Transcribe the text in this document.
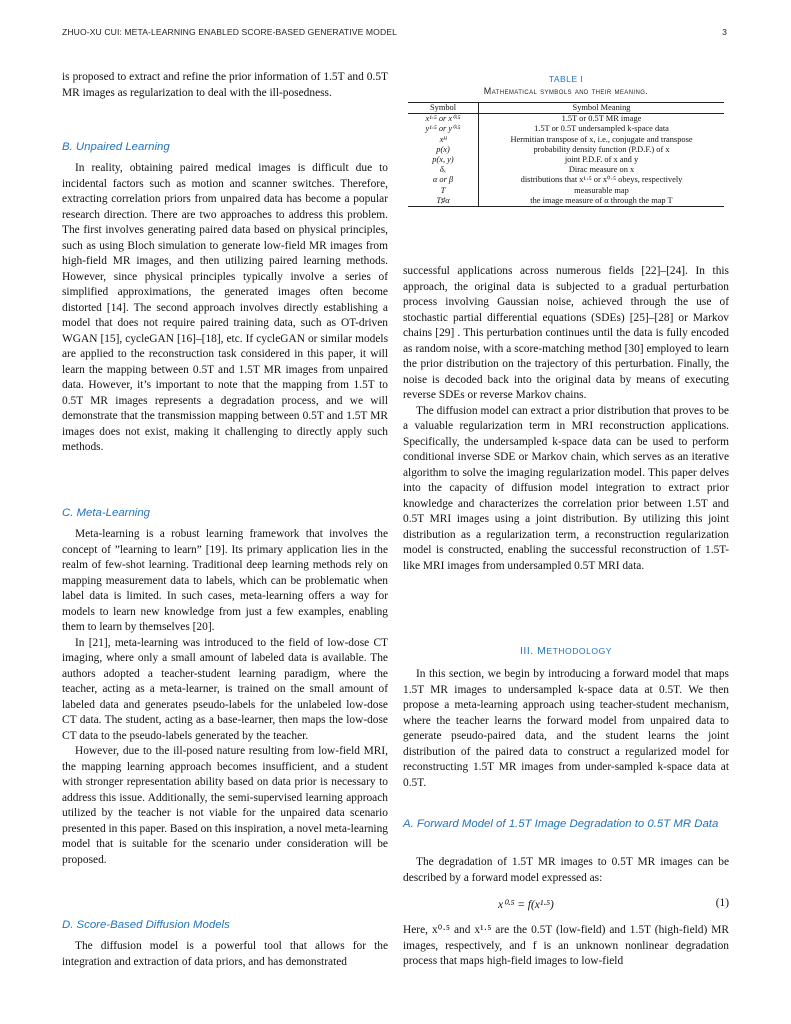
ZHUO-XU CUI: META-LEARNING ENABLED SCORE-BASED GENERATIVE MODEL	3

is proposed to extract and refine the prior information of 1.5T and 0.5T MR images as regularization to deal with the ill-posedness.

B. Unpaired Learning

In reality, obtaining paired medical images is difficult due to incidental factors such as motion and scanner switches. Therefore, extracting correlation priors from unpaired data has become a popular research direction. There are two approaches to address this problem. The first involves generating paired data based on physical principles, such as using Bloch simulation to generate low-field MR images from high-field MR images, and then utilizing paired learning methods. However, since physical principles typically involve a series of simplified approximations, the generated images often become distorted [14]. The second approach involves directly establishing a model that does not require paired training data, such as OT-driven WGAN [15], cycleGAN [16]–[18], etc. If cycleGAN or similar models are applied to the reconstruction task considered in this paper, it will learn the mapping between 0.5T and 1.5T MR images from unpaired data. However, it’s important to note that the mapping from 1.5T to 0.5T MR images represents a degradation process, and we will demonstrate that the transmission mapping between 0.5T and 1.5T MR images does not exist, making it challenging to directly apply such methods.

C. Meta-Learning

Meta-learning is a robust learning framework that involves the concept of ”learning to learn” [19]. Its primary application lies in the realm of few-shot learning. Traditional deep learning methods rely on mapping measurement data to labels, which can be problematic when label data is limited. In such cases, meta-learning offers a way for models to learn new knowledge from just a few examples, enabling them to learn by themselves [20].

In [21], meta-learning was introduced to the field of low-dose CT imaging, where only a small amount of labeled data is available. The authors adopted a teacher-student learning paradigm, where the teacher, acting as a meta-learner, is trained on the small amount of labeled data and generates pseudo-labels for the unlabeled low-dose CT data. The student, acting as a base-learner, then maps the low-dose CT data to the pseudo-labels generated by the teacher.

However, due to the ill-posed nature resulting from low-field MRI, the mapping learning approach becomes insufficient, and a student with stronger representation ability based on data prior is necessary to address this issue. Additionally, the semi-supervised learning approach utilized by the teacher is not viable for the unpaired data scenario presented in this paper. Based on this inspiration, a novel meta-learning model that is suitable for the scenario under consideration will be proposed.

D. Score-Based Diffusion Models

The diffusion model is a powerful tool that allows for the integration and extraction of data priors, and has demonstrated

TABLE I
Mathematical symbols and their meaning.
Symbol	Symbol Meaning
x¹·⁵ or x⁰·⁵	1.5T or 0.5T MR image
y¹·⁵ or y⁰·⁵	1.5T or 0.5T undersampled k-space data
xᴴ	Hermitian transpose of x, i.e., conjugate and transpose
p(x)	probability density function (P.D.F.) of x
p(x, y)	joint P.D.F. of x and y
δₓ	Dirac measure on x
α or β	distributions that x¹·⁵ or x⁰·⁵ obeys, respectively
T	measurable map
T♯α	the image measure of α through the map T

successful applications across numerous fields [22]–[24]. In this approach, the original data is subjected to a gradual perturbation process involving Gaussian noise, achieved through the use of stochastic partial differential equations (SDEs) [25]–[28] or Markov chains [29] . This perturbation continues until the data is fully encoded as random noise, with a score-matching method [30] employed to learn the prior distribution on the trajectory of this perturbation. Finally, the noise is decoded back into the original data by means of executing reverse SDEs or reverse Markov chains.

The diffusion model can extract a prior distribution that proves to be a valuable regularization term in MRI reconstruction applications. Specifically, the undersampled k-space data can be used to perform conditional inverse SDE or Markov chain, which serves as an iterative algorithm to solve the imaging regularization model. This paper delves into the capacity of diffusion model integration to extract prior knowledge and characterizes the correlation prior between 1.5T and 0.5T MRI images using a joint distribution. By utilizing this joint distribution as a regularization term, a reconstruction regularization model is constructed, enabling the successful reconstruction of 1.5T-like MRI images from undersampled 0.5T MRI data.

III. METHODOLOGY

In this section, we begin by introducing a forward model that maps 1.5T MR images to undersampled k-space data at 0.5T. We then propose a meta-learning approach using teacher-student mechanism, where the teacher learns the forward model from unpaired data to generate pseudo-paired data, and the student learns the joint distribution of the paired data to construct a regularized model for reconstructing 1.5T MR images from under-sampled k-space data at 0.5T.

A. Forward Model of 1.5T Image Degradation to 0.5T MR Data

The degradation of 1.5T MR images to 0.5T MR images can be described by a forward model expressed as:

x⁰·⁵ = f(x¹·⁵)	(1)

Here, x⁰·⁵ and x¹·⁵ are the 0.5T (low-field) and 1.5T (high-field) MR images, respectively, and f is an unknown nonlinear degradation process that maps high-field images to low-field
